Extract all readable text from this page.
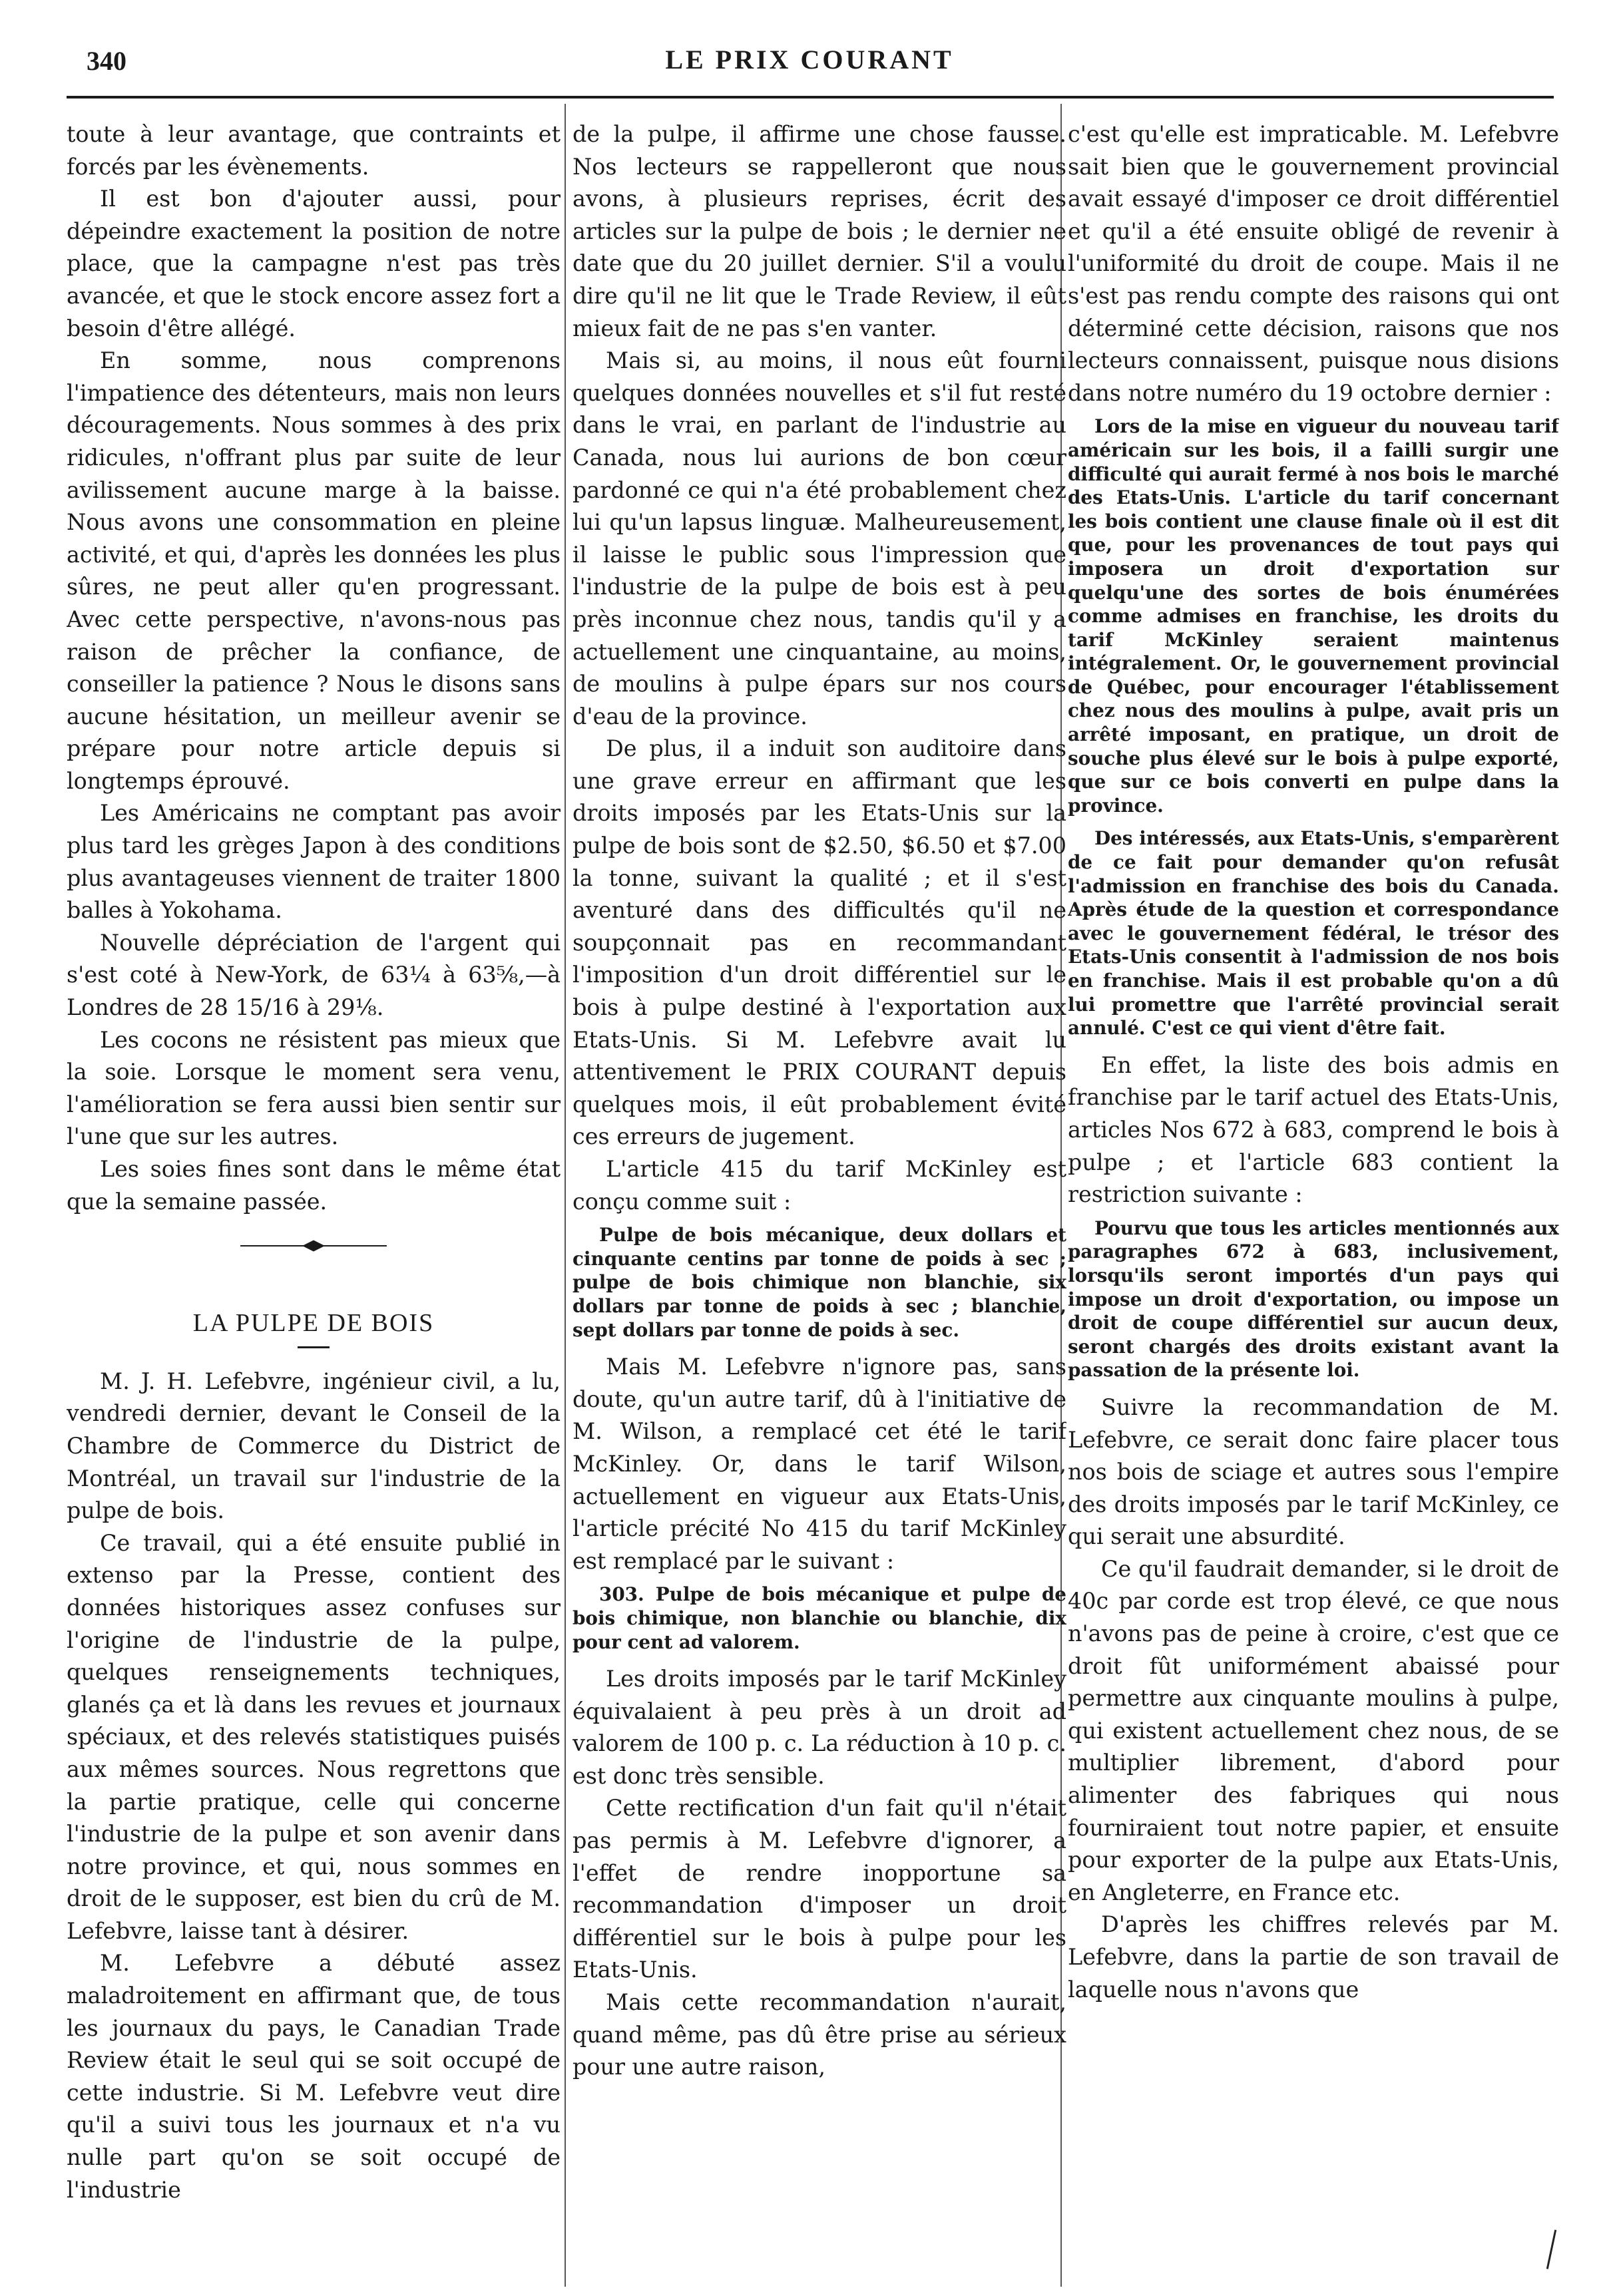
340	LE PRIX COURANT

toute à leur avantage, que contraints et forcés par les évènements.

Il est bon d'ajouter aussi, pour dépeindre exactement la position de notre place, que la campagne n'est pas très avancée, et que le stock encore assez fort a besoin d'être allégé.

En somme, nous comprenons l'impatience des détenteurs, mais non leurs découragements. Nous sommes à des prix ridicules, n'offrant plus par suite de leur avilissement aucune marge à la baisse. Nous avons une consommation en pleine activité, et qui, d'après les données les plus sûres, ne peut aller qu'en progressant. Avec cette perspective, n'avons-nous pas raison de prêcher la confiance, de conseiller la patience ? Nous le disons sans aucune hésitation, un meilleur avenir se prépare pour notre article depuis si longtemps éprouvé.

Les Américains ne comptant pas avoir plus tard les grèges Japon à des conditions plus avantageuses viennent de traiter 1800 balles à Yokohama.

Nouvelle dépréciation de l'argent qui s'est coté à New-York, de 63¼ à 63⅝,—à Londres de 28 15/16 à 29⅛.

Les cocons ne résistent pas mieux que la soie. Lorsque le moment sera venu, l'amélioration se fera aussi bien sentir sur l'une que sur les autres.

Les soies fines sont dans le même état que la semaine passée.

LA PULPE DE BOIS

M. J. H. Lefebvre, ingénieur civil, a lu, vendredi dernier, devant le Conseil de la Chambre de Commerce du District de Montréal, un travail sur l'industrie de la pulpe de bois.

Ce travail, qui a été ensuite publié in extenso par la Presse, contient des données historiques assez confuses sur l'origine de l'industrie de la pulpe, quelques renseignements techniques, glanés ça et là dans les revues et journaux spéciaux, et des relevés statistiques puisés aux mêmes sources. Nous regrettons que la partie pratique, celle qui concerne l'industrie de la pulpe et son avenir dans notre province, et qui, nous sommes en droit de le supposer, est bien du crû de M. Lefebvre, laisse tant à désirer.

M. Lefebvre a débuté assez maladroitement en affirmant que, de tous les journaux du pays, le Canadian Trade Review était le seul qui se soit occupé de cette industrie. Si M. Lefebvre veut dire qu'il a suivi tous les journaux et n'a vu nulle part qu'on se soit occupé de l'industrie

de la pulpe, il affirme une chose fausse. Nos lecteurs se rappelleront que nous avons, à plusieurs reprises, écrit des articles sur la pulpe de bois ; le dernier ne date que du 20 juillet dernier. S'il a voulu dire qu'il ne lit que le Trade Review, il eût mieux fait de ne pas s'en vanter.

Mais si, au moins, il nous eût fourni quelques données nouvelles et s'il fut resté dans le vrai, en parlant de l'industrie au Canada, nous lui aurions de bon cœur pardonné ce qui n'a été probablement chez lui qu'un lapsus linguæ. Malheureusement, il laisse le public sous l'impression que l'industrie de la pulpe de bois est à peu près inconnue chez nous, tandis qu'il y a actuellement une cinquantaine, au moins, de moulins à pulpe épars sur nos cours d'eau de la province.

De plus, il a induit son auditoire dans une grave erreur en affirmant que les droits imposés par les Etats-Unis sur la pulpe de bois sont de $2.50, $6.50 et $7.00 la tonne, suivant la qualité ; et il s'est aventuré dans des difficultés qu'il ne soupçonnait pas en recommandant l'imposition d'un droit différentiel sur le bois à pulpe destiné à l'exportation aux Etats-Unis. Si M. Lefebvre avait lu attentivement le PRIX COURANT depuis quelques mois, il eût probablement évité ces erreurs de jugement.

L'article 415 du tarif McKinley est conçu comme suit :

Pulpe de bois mécanique, deux dollars et cinquante centins par tonne de poids à sec ; pulpe de bois chimique non blanchie, six dollars par tonne de poids à sec ; blanchie, sept dollars par tonne de poids à sec.

Mais M. Lefebvre n'ignore pas, sans doute, qu'un autre tarif, dû à l'initiative de M. Wilson, a remplacé cet été le tarif McKinley. Or, dans le tarif Wilson, actuellement en vigueur aux Etats-Unis, l'article précité No 415 du tarif McKinley est remplacé par le suivant :

303. Pulpe de bois mécanique et pulpe de bois chimique, non blanchie ou blanchie, dix pour cent ad valorem.

Les droits imposés par le tarif McKinley équivalaient à peu près à un droit ad valorem de 100 p. c. La réduction à 10 p. c. est donc très sensible.

Cette rectification d'un fait qu'il n'était pas permis à M. Lefebvre d'ignorer, a l'effet de rendre inopportune sa recommandation d'imposer un droit différentiel sur le bois à pulpe pour les Etats-Unis.

Mais cette recommandation n'aurait, quand même, pas dû être prise au sérieux pour une autre raison,

c'est qu'elle est impraticable. M. Lefebvre sait bien que le gouvernement provincial avait essayé d'imposer ce droit différentiel et qu'il a été ensuite obligé de revenir à l'uniformité du droit de coupe. Mais il ne s'est pas rendu compte des raisons qui ont déterminé cette décision, raisons que nos lecteurs connaissent, puisque nous disions dans notre numéro du 19 octobre dernier :

Lors de la mise en vigueur du nouveau tarif américain sur les bois, il a failli surgir une difficulté qui aurait fermé à nos bois le marché des Etats-Unis. L'article du tarif concernant les bois contient une clause finale où il est dit que, pour les provenances de tout pays qui imposera un droit d'exportation sur quelqu'une des sortes de bois énumérées comme admises en franchise, les droits du tarif McKinley seraient maintenus intégralement. Or, le gouvernement provincial de Québec, pour encourager l'établissement chez nous des moulins à pulpe, avait pris un arrêté imposant, en pratique, un droit de souche plus élevé sur le bois à pulpe exporté, que sur ce bois converti en pulpe dans la province.

Des intéressés, aux Etats-Unis, s'emparèrent de ce fait pour demander qu'on refusât l'admission en franchise des bois du Canada. Après étude de la question et correspondance avec le gouvernement fédéral, le trésor des Etats-Unis consentit à l'admission de nos bois en franchise. Mais il est probable qu'on a dû lui promettre que l'arrêté provincial serait annulé. C'est ce qui vient d'être fait.

En effet, la liste des bois admis en franchise par le tarif actuel des Etats-Unis, articles Nos 672 à 683, comprend le bois à pulpe ; et l'article 683 contient la restriction suivante :

Pourvu que tous les articles mentionnés aux paragraphes 672 à 683, inclusivement, lorsqu'ils seront importés d'un pays qui impose un droit d'exportation, ou impose un droit de coupe différentiel sur aucun deux, seront chargés des droits existant avant la passation de la présente loi.

Suivre la recommandation de M. Lefebvre, ce serait donc faire placer tous nos bois de sciage et autres sous l'empire des droits imposés par le tarif McKinley, ce qui serait une absurdité.

Ce qu'il faudrait demander, si le droit de 40c par corde est trop élevé, ce que nous n'avons pas de peine à croire, c'est que ce droit fût uniformément abaissé pour permettre aux cinquante moulins à pulpe, qui existent actuellement chez nous, de se multiplier librement, d'abord pour alimenter des fabriques qui nous fourniraient tout notre papier, et ensuite pour exporter de la pulpe aux Etats-Unis, en Angleterre, en France etc.

D'après les chiffres relevés par M. Lefebvre, dans la partie de son travail de laquelle nous n'avons que
